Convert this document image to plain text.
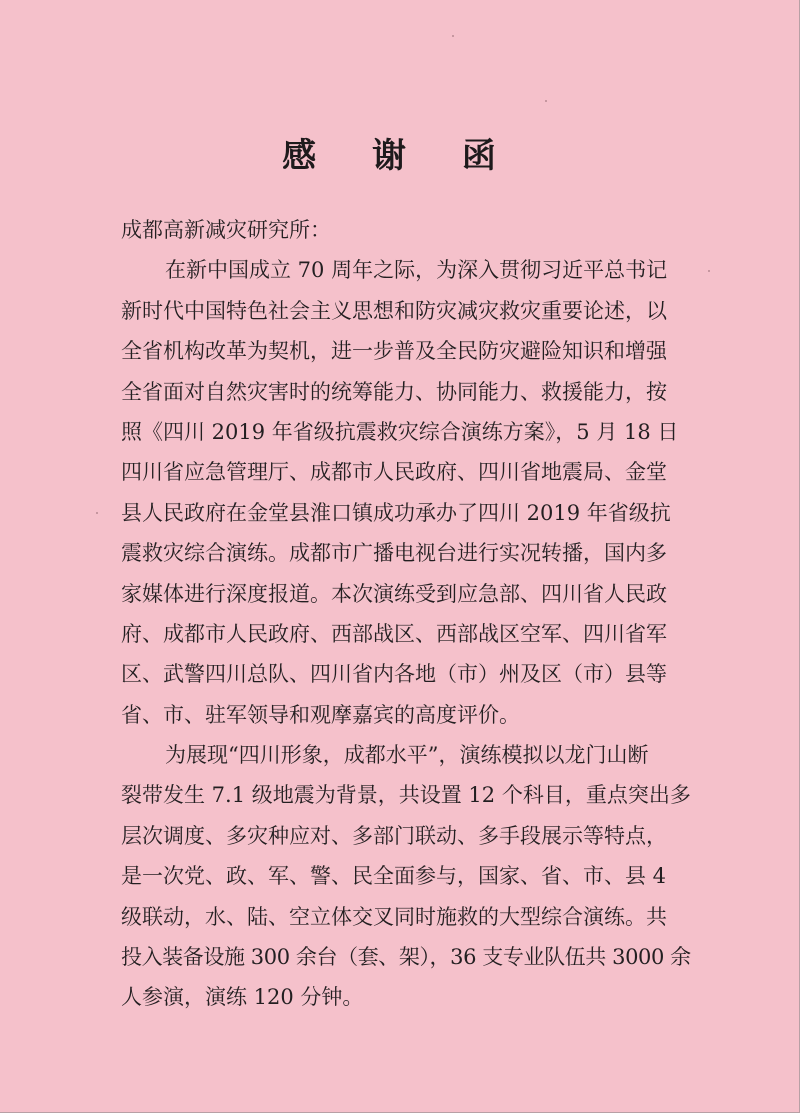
感 谢 函
成都高新减灾研究所：
在新中国成立 70 周年之际，为深入贯彻习近平总书记
新时代中国特色社会主义思想和防灾减灾救灾重要论述，以
全省机构改革为契机，进一步普及全民防灾避险知识和增强
全省面对自然灾害时的统筹能力、协同能力、救援能力，按
照《四川 2019 年省级抗震救灾综合演练方案》，5 月 18 日
四川省应急管理厅、成都市人民政府、四川省地震局、金堂
县人民政府在金堂县淮口镇成功承办了四川 2019 年省级抗
震救灾综合演练。成都市广播电视台进行实况转播，国内多
家媒体进行深度报道。本次演练受到应急部、四川省人民政
府、成都市人民政府、西部战区、西部战区空军、四川省军
区、武警四川总队、四川省内各地（市）州及区（市）县等
省、市、驻军领导和观摩嘉宾的高度评价。
为展现“四川形象，成都水平”，演练模拟以龙门山断
裂带发生 7.1 级地震为背景，共设置 12 个科目，重点突出多
层次调度、多灾种应对、多部门联动、多手段展示等特点，
是一次党、政、军、警、民全面参与，国家、省、市、县 4
级联动，水、陆、空立体交叉同时施救的大型综合演练。共
投入装备设施 300 余台（套、架），36 支专业队伍共 3000 余
人参演，演练 120 分钟。
